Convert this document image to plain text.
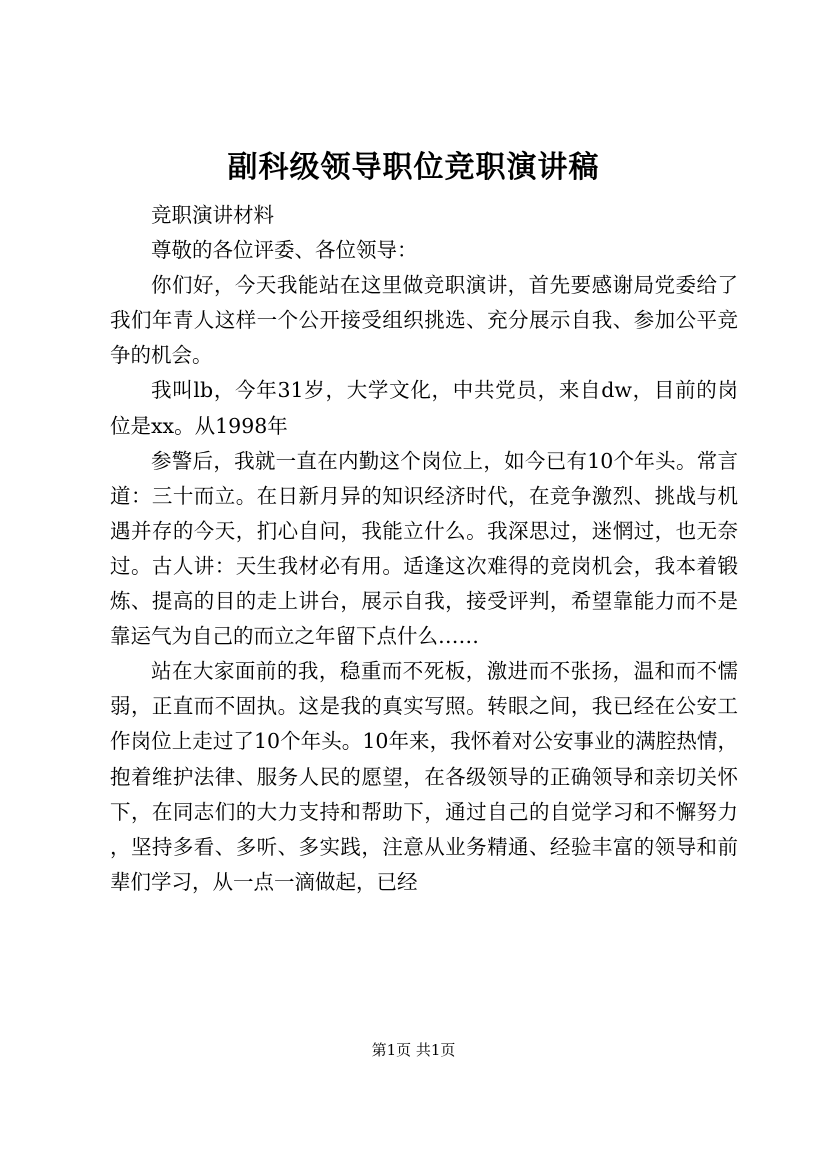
副科级领导职位竞职演讲稿

竞职演讲材料

尊敬的各位评委、各位领导：

你们好，今天我能站在这里做竞职演讲，首先要感谢局党委给了我们年青人这样一个公开接受组织挑选、充分展示自我、参加公平竞争的机会。

我叫lb，今年31岁，大学文化，中共党员，来自dw，目前的岗位是xx。从1998年

参警后，我就一直在内勤这个岗位上，如今已有10个年头。常言道：三十而立。在日新月异的知识经济时代，在竞争激烈、挑战与机遇并存的今天，扪心自问，我能立什么。我深思过，迷惘过，也无奈过。古人讲：天生我材必有用。适逢这次难得的竞岗机会，我本着锻炼、提高的目的走上讲台，展示自我，接受评判，希望靠能力而不是靠运气为自己的而立之年留下点什么……

站在大家面前的我，稳重而不死板，激进而不张扬，温和而不懦弱，正直而不固执。这是我的真实写照。转眼之间，我已经在公安工作岗位上走过了10个年头。10年来，我怀着对公安事业的满腔热情，抱着维护法律、服务人民的愿望，在各级领导的正确领导和亲切关怀下，在同志们的大力支持和帮助下，通过自己的自觉学习和不懈努力，坚持多看、多听、多实践，注意从业务精通、经验丰富的领导和前辈们学习，从一点一滴做起，已经

第1页 共1页
